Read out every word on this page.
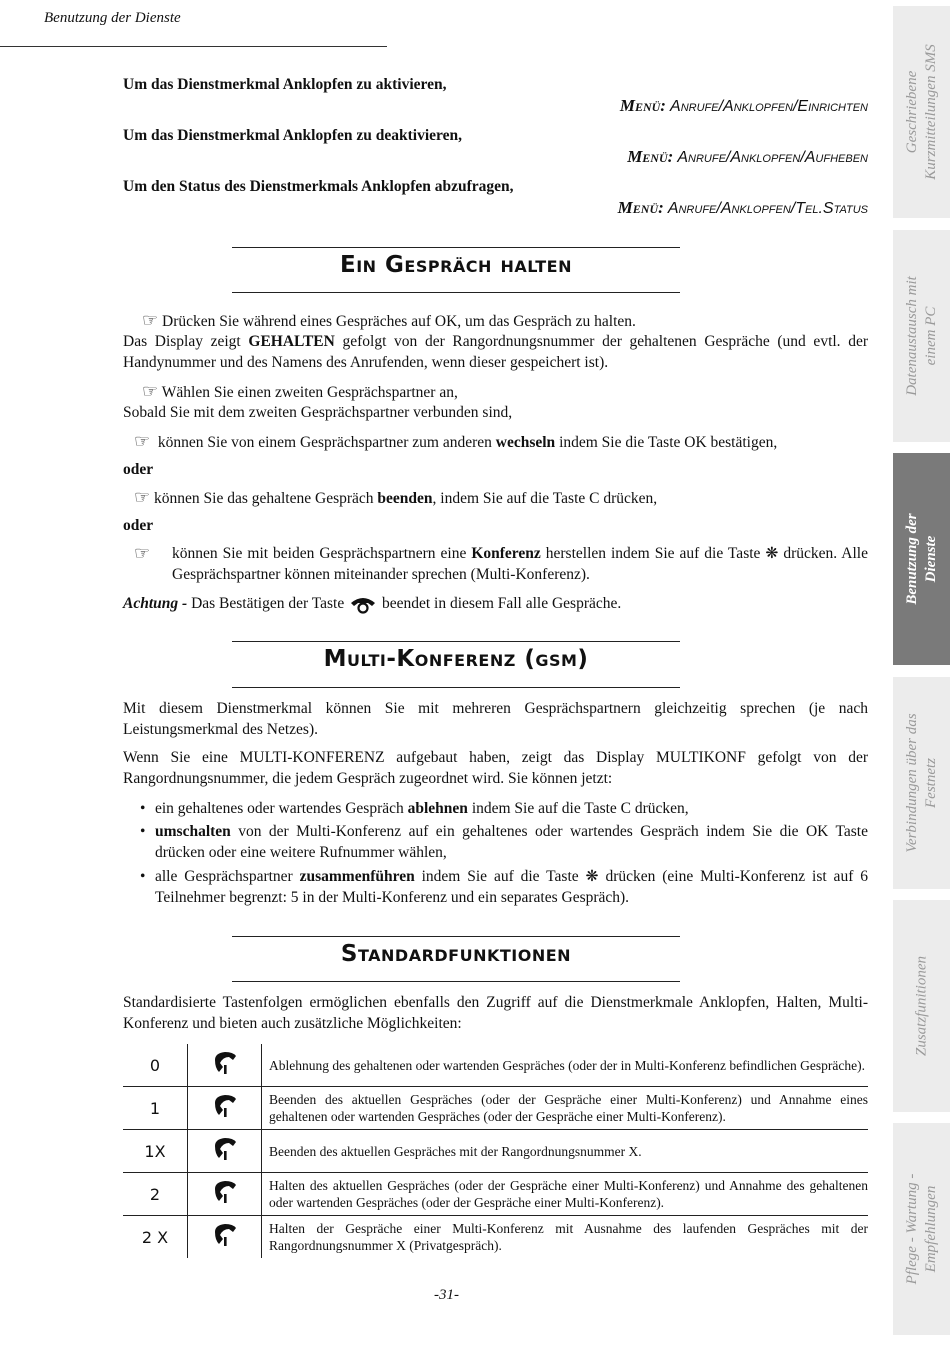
Benutzung der Dienste
Um das Dienstmerkmal Anklopfen zu aktivieren,
Menü: Anrufe/Anklopfen/Einrichten
Um das Dienstmerkmal Anklopfen zu deaktivieren,
Menü: Anrufe/Anklopfen/Aufheben
Um den Status des Dienstmerkmals Anklopfen abzufragen,
Menü: Anrufe/Anklopfen/Tel.Status
Ein Gespräch halten
☞ Drücken Sie während eines Gespräches auf OK, um das Gespräch zu halten.
Das Display zeigt GEHALTEN gefolgt von der Rangordnungsnummer der gehaltenen Gespräche (und evtl. der Handynummer und des Namens des Anrufenden, wenn dieser gespeichert ist).
☞ Wählen Sie einen zweiten Gesprächspartner an,
Sobald Sie mit dem zweiten Gesprächspartner verbunden sind,
☞ können Sie von einem Gesprächspartner zum anderen wechseln indem Sie die Taste OK bestätigen,
oder
☞ können Sie das gehaltene Gespräch beenden, indem Sie auf die Taste C drücken,
oder
☞	können Sie mit beiden Gesprächspartnern eine Konferenz herstellen indem Sie auf die Taste ❋ drücken. Alle Gesprächspartner können miteinander sprechen (Multi-Konferenz).
Achtung - Das Bestätigen der Taste  beendet in diesem Fall alle Gespräche.
Multi-Konferenz (gsm)
Mit diesem Dienstmerkmal können Sie mit mehreren Gesprächspartnern gleichzeitig sprechen (je nach Leistungsmerkmal des Netzes).
Wenn Sie eine MULTI-KONFERENZ aufgebaut haben, zeigt das Display MULTIKONF gefolgt von der Rangordnungsnummer, die jedem Gespräch zugeordnet wird. Sie können jetzt:
• ein gehaltenes oder wartendes Gespräch ablehnen indem Sie auf die Taste C drücken,
• umschalten von der Multi-Konferenz auf ein gehaltenes oder wartendes Gespräch indem Sie die OK Taste drücken oder eine weitere Rufnummer wählen,
• alle Gesprächspartner zusammenführen indem Sie auf die Taste ❋ drücken (eine Multi-Konferenz ist auf 6 Teilnehmer begrenzt: 5 in der Multi-Konferenz und ein separates Gespräch).
Standardfunktionen
Standardisierte Tastenfolgen ermöglichen ebenfalls den Zugriff auf die Dienstmerkmale Anklopfen, Halten, Multi-Konferenz und bieten auch zusätzliche Möglichkeiten:
0		Ablehnung des gehaltenen oder wartenden Gespräches (oder der in Multi-Konferenz befindlichen Gespräche).
1		Beenden des aktuellen Gespräches (oder der Gespräche einer Multi-Konferenz) und Annahme eines gehaltenen oder wartenden Gespräches (oder der Gespräche einer Multi-Konferenz).
1X		Beenden des aktuellen Gespräches mit der Rangordnungsnummer X.
2		Halten des aktuellen Gespräches (oder der Gespräche einer Multi-Konferenz) und Annahme des gehaltenen oder wartenden Gespräches (oder der Gespräche einer Multi-Konferenz).
2 X		Halten der Gespräche einer Multi-Konferenz mit Ausnahme des laufenden Gespräches mit der Rangordnungsnummer X (Privatgespräch).
Geschriebene Kurzmitteilungen SMS
Datenaustausch mit einem PC
Benutzung der Dienste
Verbindungen über das Festnetz
Zusatzfunitionen
Pflege - Wartung - Empfehlungen
-31-
